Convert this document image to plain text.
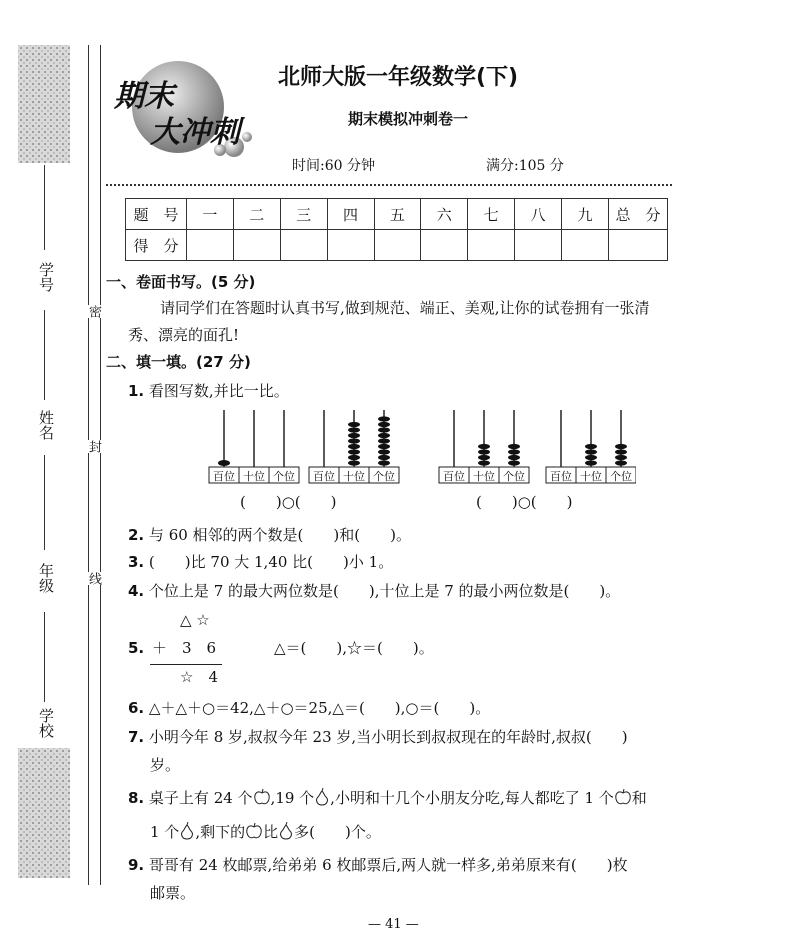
学号
姓名
年级
学校
密
封
线
期末
大冲刺
北师大版一年级数学(下)
期末模拟冲刺卷一
时间:60 分钟	满分:105 分
题　号	一	二	三	四	五	六	七	八	九	总　分
得　分										
一、卷面书写。(5 分)
请同学们在答题时认真书写,做到规范、端正、美观,让你的试卷拥有一张清
秀、漂亮的面孔!
二、填一填。(27 分)
1. 看图写数,并比一比。
百位 十位 个位 百位 十位 个位	百位 十位 个位 百位 十位 个位
(　　)○(　　)	(　　)○(　　)
2. 与 60 相邻的两个数是(　　)和(　　)。
3. (　　)比 70 大 1,40 比(　　)小 1。
4. 个位上是 7 的最大两位数是(　　),十位上是 7 的最小两位数是(　　)。
△ ☆
5. ＋　3　6
☆　4
△＝(　　),☆＝(　　)。
6. △＋△＋○＝42,△＋○＝25,△＝(　　),○＝(　　)。
7. 小明今年 8 岁,叔叔今年 23 岁,当小明长到叔叔现在的年龄时,叔叔(　　)
岁。
8. 桌子上有 24 个 ,19 个 ,小明和十几个小朋友分吃,每人都吃了 1 个 和
1 个 ,剩下的 比 多(　　)个。
9. 哥哥有 24 枚邮票,给弟弟 6 枚邮票后,两人就一样多,弟弟原来有(　　)枚
邮票。
— 41 —
